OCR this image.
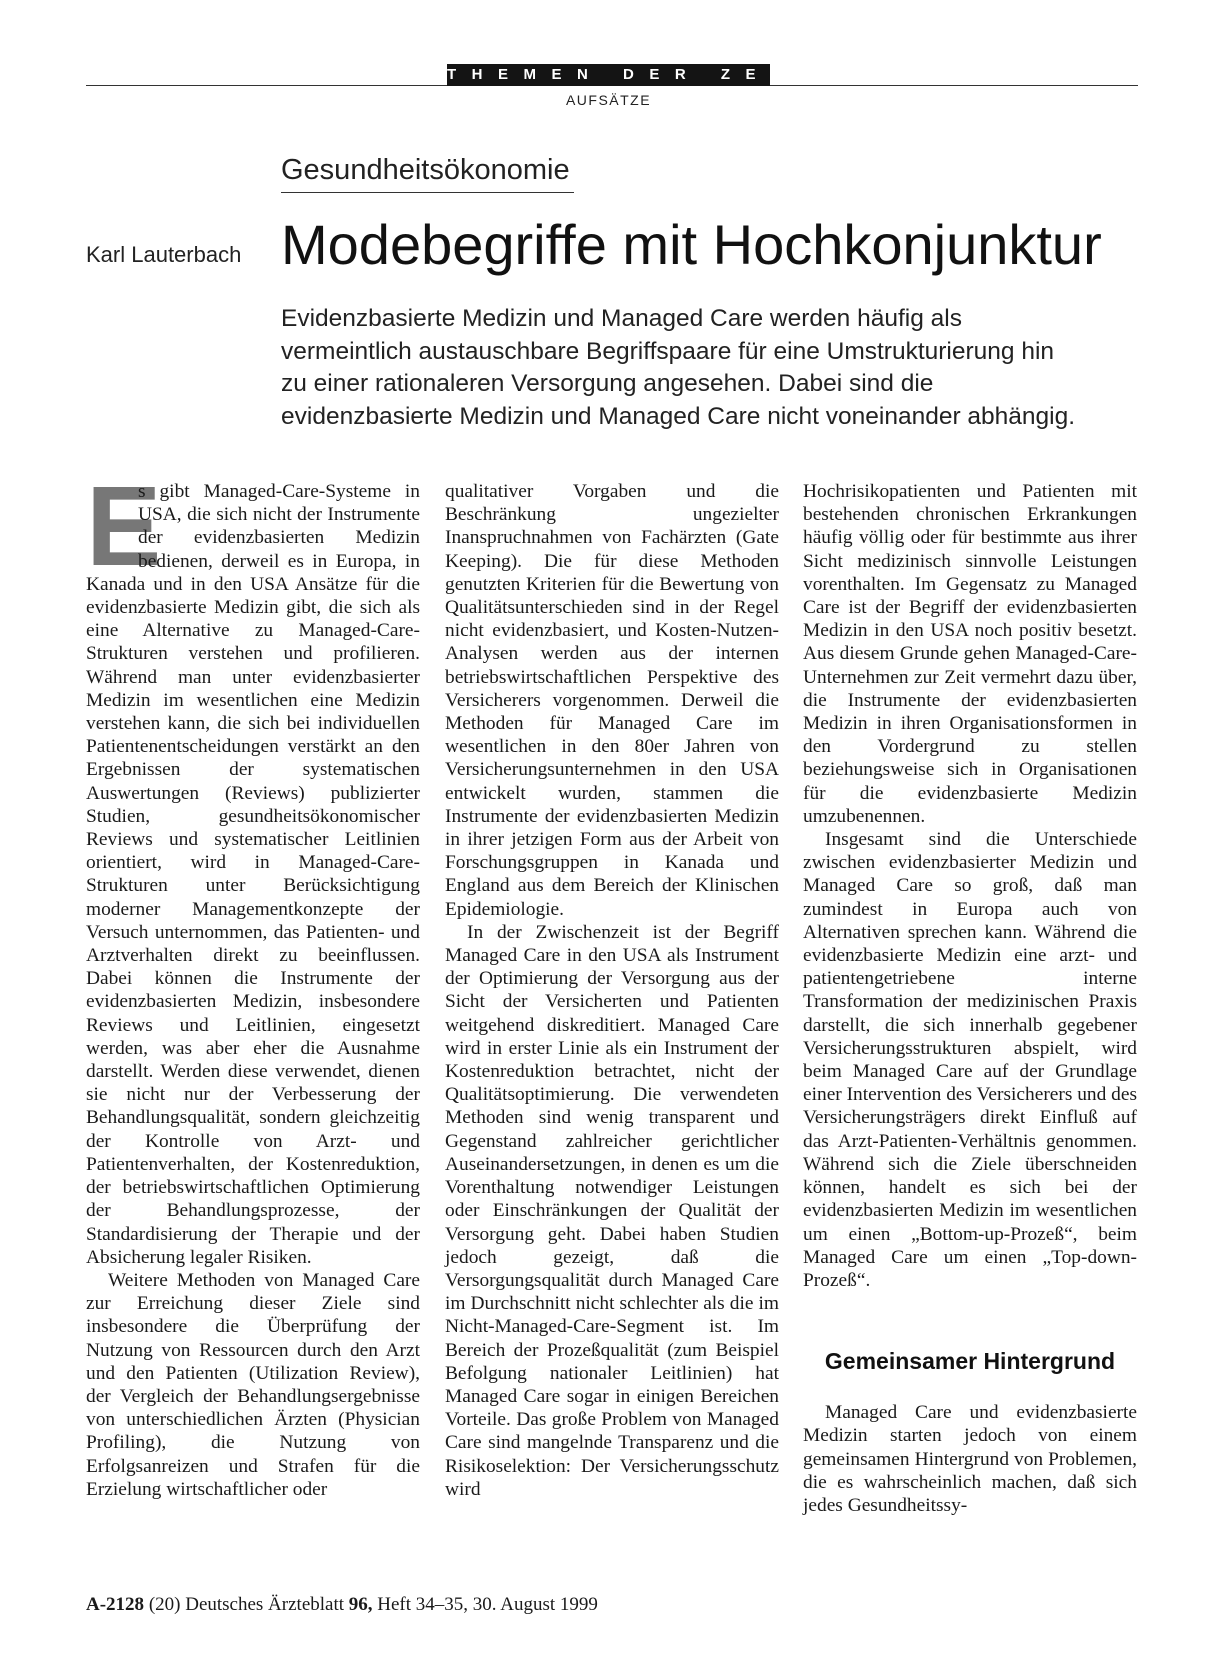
THEMEN DER ZEIT
AUFSÄTZE
Gesundheitsökonomie
Karl Lauterbach Modebegriffe mit Hochkonjunktur
Evidenzbasierte Medizin und Managed Care werden häufig als
vermeintlich austauschbare Begriffspaare für eine Umstrukturierung hin
zu einer rationaleren Versorgung angesehen. Dabei sind die
evidenzbasierte Medizin und Managed Care nicht voneinander abhängig.

E
s gibt Managed-Care-Systeme in USA, die sich nicht der Instrumente der evidenzbasierten Medizin bedienen, derweil es in Europa, in Kanada und in den USA Ansätze für die evidenzbasierte Medizin gibt, die sich als eine Alternative zu Managed-Care-Strukturen verstehen und profilieren. Während man unter evidenzbasierter Medizin im wesentlichen eine Medizin verstehen kann, die sich bei individuellen Patientenentscheidungen verstärkt an den Ergebnissen der systematischen Auswertungen (Reviews) publizierter Studien, gesundheitsökonomischer Reviews und systematischer Leitlinien orientiert, wird in Managed-Care-Strukturen unter Berücksichtigung moderner Managementkonzepte der Versuch unternommen, das Patienten- und Arztverhalten direkt zu beeinflussen. Dabei können die Instrumente der evidenzbasierten Medizin, insbesondere Reviews und Leitlinien, eingesetzt werden, was aber eher die Ausnahme darstellt. Werden diese verwendet, dienen sie nicht nur der Verbesserung der Behandlungsqualität, sondern gleichzeitig der Kontrolle von Arzt- und Patientenverhalten, der Kostenreduktion, der betriebswirtschaftlichen Optimierung der Behandlungsprozesse, der Standardisierung der Therapie und der Absicherung legaler Risiken.

Weitere Methoden von Managed Care zur Erreichung dieser Ziele sind insbesondere die Überprüfung der Nutzung von Ressourcen durch den Arzt und den Patienten (Utilization Review), der Vergleich der Behandlungsergebnisse von unterschiedlichen Ärzten (Physician Profiling), die Nutzung von Erfolgsanreizen und Strafen für die Erzielung wirtschaftlicher oder

qualitativer Vorgaben und die Beschränkung ungezielter Inanspruchnahmen von Fachärzten (Gate Keeping). Die für diese Methoden genutzten Kriterien für die Bewertung von Qualitätsunterschieden sind in der Regel nicht evidenzbasiert, und Kosten-Nutzen-Analysen werden aus der internen betriebswirtschaftlichen Perspektive des Versicherers vorgenommen. Derweil die Methoden für Managed Care im wesentlichen in den 80er Jahren von Versicherungsunternehmen in den USA entwickelt wurden, stammen die Instrumente der evidenzbasierten Medizin in ihrer jetzigen Form aus der Arbeit von Forschungsgruppen in Kanada und England aus dem Bereich der Klinischen Epidemiologie.

In der Zwischenzeit ist der Begriff Managed Care in den USA als Instrument der Optimierung der Versorgung aus der Sicht der Versicherten und Patienten weitgehend diskreditiert. Managed Care wird in erster Linie als ein Instrument der Kostenreduktion betrachtet, nicht der Qualitätsoptimierung. Die verwendeten Methoden sind wenig transparent und Gegenstand zahlreicher gerichtlicher Auseinandersetzungen, in denen es um die Vorenthaltung notwendiger Leistungen oder Einschränkungen der Qualität der Versorgung geht. Dabei haben Studien jedoch gezeigt, daß die Versorgungsqualität durch Managed Care im Durchschnitt nicht schlechter als die im Nicht-Managed-Care-Segment ist. Im Bereich der Prozeßqualität (zum Beispiel Befolgung nationaler Leitlinien) hat Managed Care sogar in einigen Bereichen Vorteile. Das große Problem von Managed Care sind mangelnde Transparenz und die Risikoselektion: Der Versicherungsschutz wird

Hochrisikopatienten und Patienten mit bestehenden chronischen Erkrankungen häufig völlig oder für bestimmte aus ihrer Sicht medizinisch sinnvolle Leistungen vorenthalten. Im Gegensatz zu Managed Care ist der Begriff der evidenzbasierten Medizin in den USA noch positiv besetzt. Aus diesem Grunde gehen Managed-Care-Unternehmen zur Zeit vermehrt dazu über, die Instrumente der evidenzbasierten Medizin in ihren Organisationsformen in den Vordergrund zu stellen beziehungsweise sich in Organisationen für die evidenzbasierte Medizin umzubenennen.

Insgesamt sind die Unterschiede zwischen evidenzbasierter Medizin und Managed Care so groß, daß man zumindest in Europa auch von Alternativen sprechen kann. Während die evidenzbasierte Medizin eine arzt- und patientengetriebene interne Transformation der medizinischen Praxis darstellt, die sich innerhalb gegebener Versicherungsstrukturen abspielt, wird beim Managed Care auf der Grundlage einer Intervention des Versicherers und des Versicherungsträgers direkt Einfluß auf das Arzt-Patienten-Verhältnis genommen. Während sich die Ziele überschneiden können, handelt es sich bei der evidenzbasierten Medizin im wesentlichen um einen „Bottom-up-Prozeß“, beim Managed Care um einen „Top-down-Prozeß“.

Gemeinsamer Hintergrund

Managed Care und evidenzbasierte Medizin starten jedoch von einem gemeinsamen Hintergrund von Problemen, die es wahrscheinlich machen, daß sich jedes Gesundheitssy-

A-2128 (20) Deutsches Ärzteblatt 96, Heft 34–35, 30. August 1999
